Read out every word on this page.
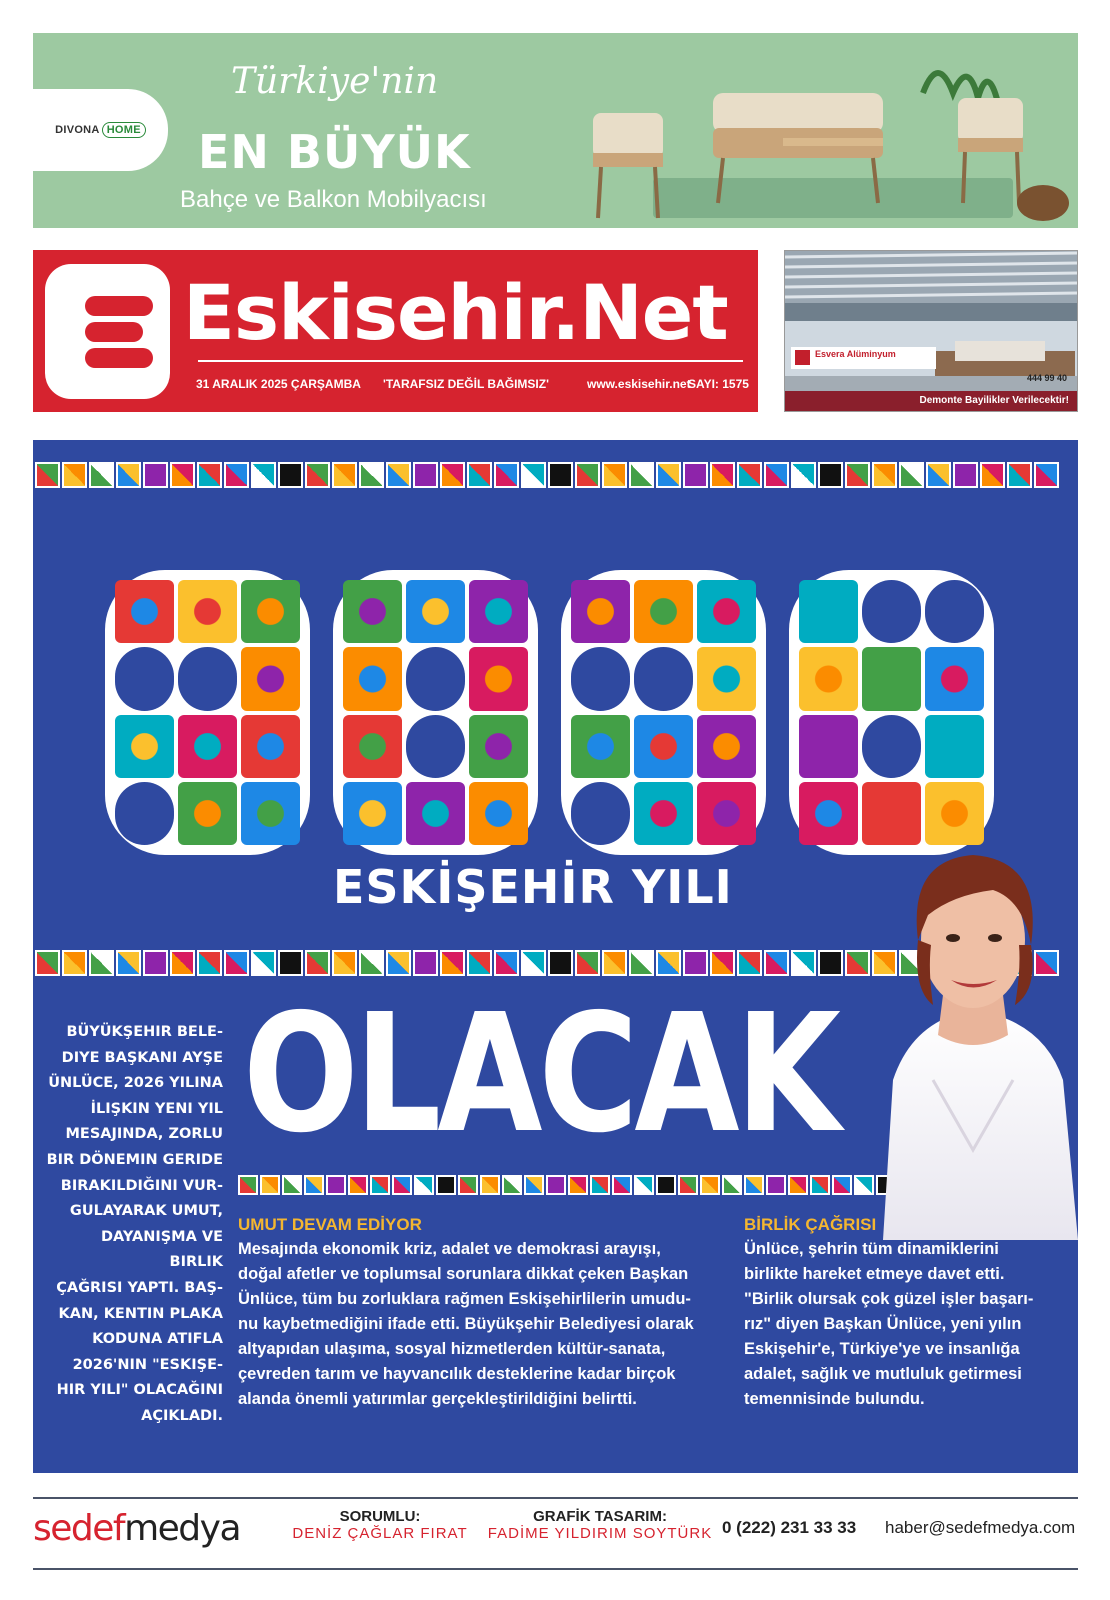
DIVONA HOME
Türkiye'nin
EN BÜYÜK
Bahçe ve Balkon Mobilyacısı
Eskisehir.Net
31 ARALIK 2025 ÇARŞAMBA 'TARAFSIZ DEĞİL BAĞIMSIZ'	www.eskisehir.net
SAYI: 1575
Esvera Alüminyum
444 99 40
Demonte Bayilikler Verilecektir!
ESKİŞEHİR YILI
BÜYÜKŞEHIR BELE-
DIYE BAŞKANI AYŞE
ÜNLÜCE, 2026 YILINA
İLIŞKIN YENI YIL
MESAJINDA, ZORLU
BIR DÖNEMIN GERIDE
BIRAKILDIĞINI VUR-
GULAYARAK UMUT,
DAYANIŞMA VE BIRLIK
ÇAĞRISI YAPTI. BAŞ-
KAN, KENTIN PLAKA
KODUNA ATIFLA
2026'NIN "ESKIŞE-
HIR YILI" OLACAĞINI
AÇIKLADI.
OLACAK
UMUT DEVAM EDİYOR
Mesajında ekonomik kriz, adalet ve demokrasi arayışı,
doğal afetler ve toplumsal sorunlara dikkat çeken Başkan
Ünlüce, tüm bu zorluklara rağmen Eskişehirlilerin umudu-
nu kaybetmediğini ifade etti. Büyükşehir Belediyesi olarak
altyapıdan ulaşıma, sosyal hizmetlerden kültür-sanata,
çevreden tarım ve hayvancılık desteklerine kadar birçok
alanda önemli yatırımlar gerçekleştirildiğini belirtti.
BİRLİK ÇAĞRISI
Ünlüce, şehrin tüm dinamiklerini
birlikte hareket etmeye davet etti.
"Birlik olursak çok güzel işler başarı-
rız" diyen Başkan Ünlüce, yeni yılın
Eskişehir'e, Türkiye'ye ve insanlığa
adalet, sağlık ve mutluluk getirmesi
temennisinde bulundu.
sedefmedya	SORUMLU:
DENİZ ÇAĞLAR FIRAT
GRAFİK TASARIM:
FADİME YILDIRIM SOYTÜRK 0 (222) 231 33 33 haber@sedefmedya.com
